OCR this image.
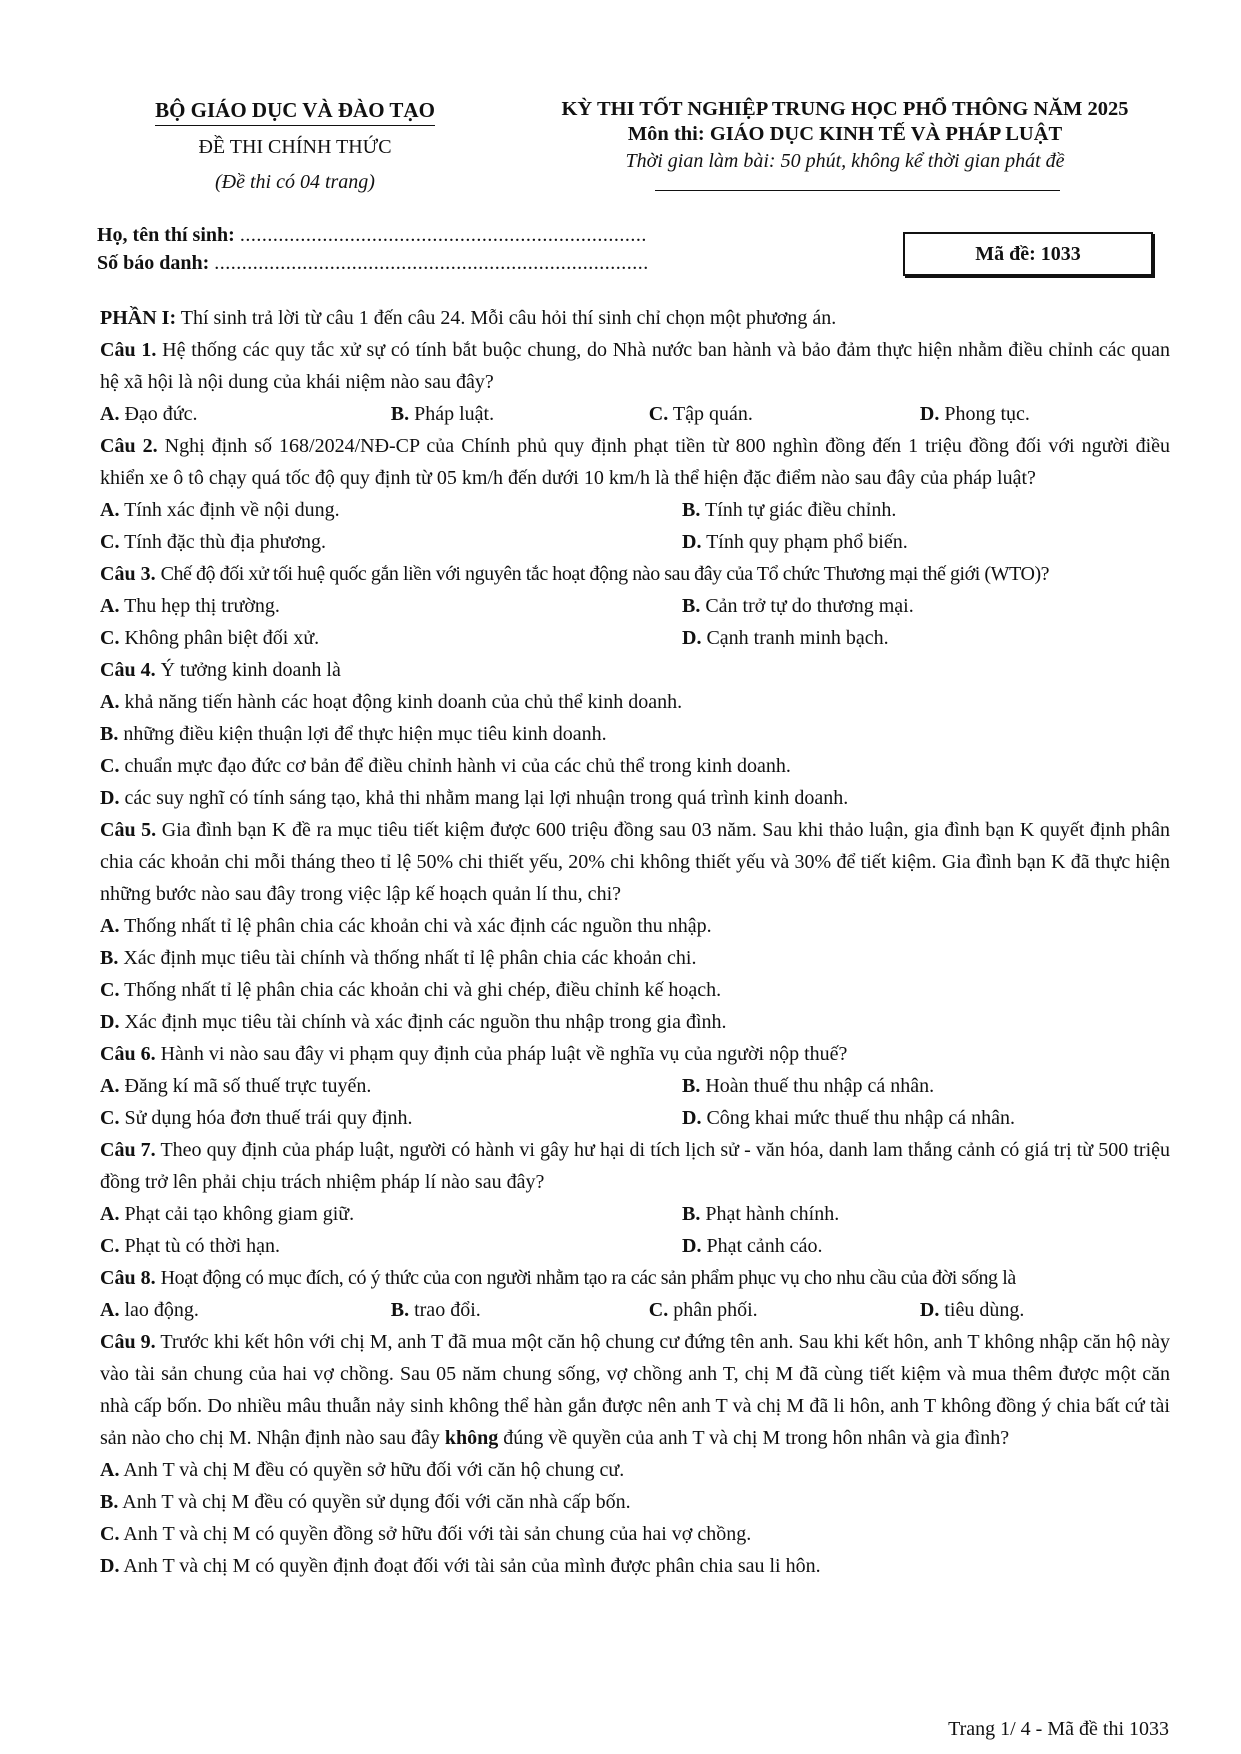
BỘ GIÁO DỤC VÀ ĐÀO TẠO
ĐỀ THI CHÍNH THỨC
(Đề thi có 04 trang)
KỲ THI TỐT NGHIỆP TRUNG HỌC PHỔ THÔNG NĂM 2025
Môn thi: GIÁO DỤC KINH TẾ VÀ PHÁP LUẬT
Thời gian làm bài: 50 phút, không kể thời gian phát đề
Họ, tên thí sinh: ..........................................................................
Số báo danh: ...............................................................................	Mã đề: 1033

PHẦN I: Thí sinh trả lời từ câu 1 đến câu 24. Mỗi câu hỏi thí sinh chỉ chọn một phương án.

Câu 1. Hệ thống các quy tắc xử sự có tính bắt buộc chung, do Nhà nước ban hành và bảo đảm thực hiện nhằm điều chỉnh các quan hệ xã hội là nội dung của khái niệm nào sau đây?

A. Đạo đức.	B. Pháp luật.	C. Tập quán.	D. Phong tục.

Câu 2. Nghị định số 168/2024/NĐ-CP của Chính phủ quy định phạt tiền từ 800 nghìn đồng đến 1 triệu đồng đối với người điều khiển xe ô tô chạy quá tốc độ quy định từ 05 km/h đến dưới 10 km/h là thể hiện đặc điểm nào sau đây của pháp luật?

A. Tính xác định về nội dung.	B. Tính tự giác điều chỉnh.
C. Tính đặc thù địa phương.	D. Tính quy phạm phổ biến.

Câu 3. Chế độ đối xử tối huệ quốc gắn liền với nguyên tắc hoạt động nào sau đây của Tổ chức Thương mại thế giới (WTO)?

A. Thu hẹp thị trường.	B. Cản trở tự do thương mại.
C. Không phân biệt đối xử.	D. Cạnh tranh minh bạch.

Câu 4. Ý tưởng kinh doanh là

A. khả năng tiến hành các hoạt động kinh doanh của chủ thể kinh doanh.

B. những điều kiện thuận lợi để thực hiện mục tiêu kinh doanh.

C. chuẩn mực đạo đức cơ bản để điều chỉnh hành vi của các chủ thể trong kinh doanh.

D. các suy nghĩ có tính sáng tạo, khả thi nhằm mang lại lợi nhuận trong quá trình kinh doanh.

Câu 5. Gia đình bạn K đề ra mục tiêu tiết kiệm được 600 triệu đồng sau 03 năm. Sau khi thảo luận, gia đình bạn K quyết định phân chia các khoản chi mỗi tháng theo tỉ lệ 50% chi thiết yếu, 20% chi không thiết yếu và 30% để tiết kiệm. Gia đình bạn K đã thực hiện những bước nào sau đây trong việc lập kế hoạch quản lí thu, chi?

A. Thống nhất tỉ lệ phân chia các khoản chi và xác định các nguồn thu nhập.

B. Xác định mục tiêu tài chính và thống nhất tỉ lệ phân chia các khoản chi.

C. Thống nhất tỉ lệ phân chia các khoản chi và ghi chép, điều chỉnh kế hoạch.

D. Xác định mục tiêu tài chính và xác định các nguồn thu nhập trong gia đình.

Câu 6. Hành vi nào sau đây vi phạm quy định của pháp luật về nghĩa vụ của người nộp thuế?

A. Đăng kí mã số thuế trực tuyến.	B. Hoàn thuế thu nhập cá nhân.
C. Sử dụng hóa đơn thuế trái quy định.	D. Công khai mức thuế thu nhập cá nhân.

Câu 7. Theo quy định của pháp luật, người có hành vi gây hư hại di tích lịch sử - văn hóa, danh lam thắng cảnh có giá trị từ 500 triệu đồng trở lên phải chịu trách nhiệm pháp lí nào sau đây?

A. Phạt cải tạo không giam giữ.	B. Phạt hành chính.
C. Phạt tù có thời hạn.	D. Phạt cảnh cáo.

Câu 8. Hoạt động có mục đích, có ý thức của con người nhằm tạo ra các sản phẩm phục vụ cho nhu cầu của đời sống là

A. lao động.	B. trao đổi.	C. phân phối.	D. tiêu dùng.

Câu 9. Trước khi kết hôn với chị M, anh T đã mua một căn hộ chung cư đứng tên anh. Sau khi kết hôn, anh T không nhập căn hộ này vào tài sản chung của hai vợ chồng. Sau 05 năm chung sống, vợ chồng anh T, chị M đã cùng tiết kiệm và mua thêm được một căn nhà cấp bốn. Do nhiều mâu thuẫn nảy sinh không thể hàn gắn được nên anh T và chị M đã li hôn, anh T không đồng ý chia bất cứ tài sản nào cho chị M. Nhận định nào sau đây không đúng về quyền của anh T và chị M trong hôn nhân và gia đình?

A. Anh T và chị M đều có quyền sở hữu đối với căn hộ chung cư.

B. Anh T và chị M đều có quyền sử dụng đối với căn nhà cấp bốn.

C. Anh T và chị M có quyền đồng sở hữu đối với tài sản chung của hai vợ chồng.

D. Anh T và chị M có quyền định đoạt đối với tài sản của mình được phân chia sau li hôn.

Trang 1/ 4 - Mã đề thi 1033
